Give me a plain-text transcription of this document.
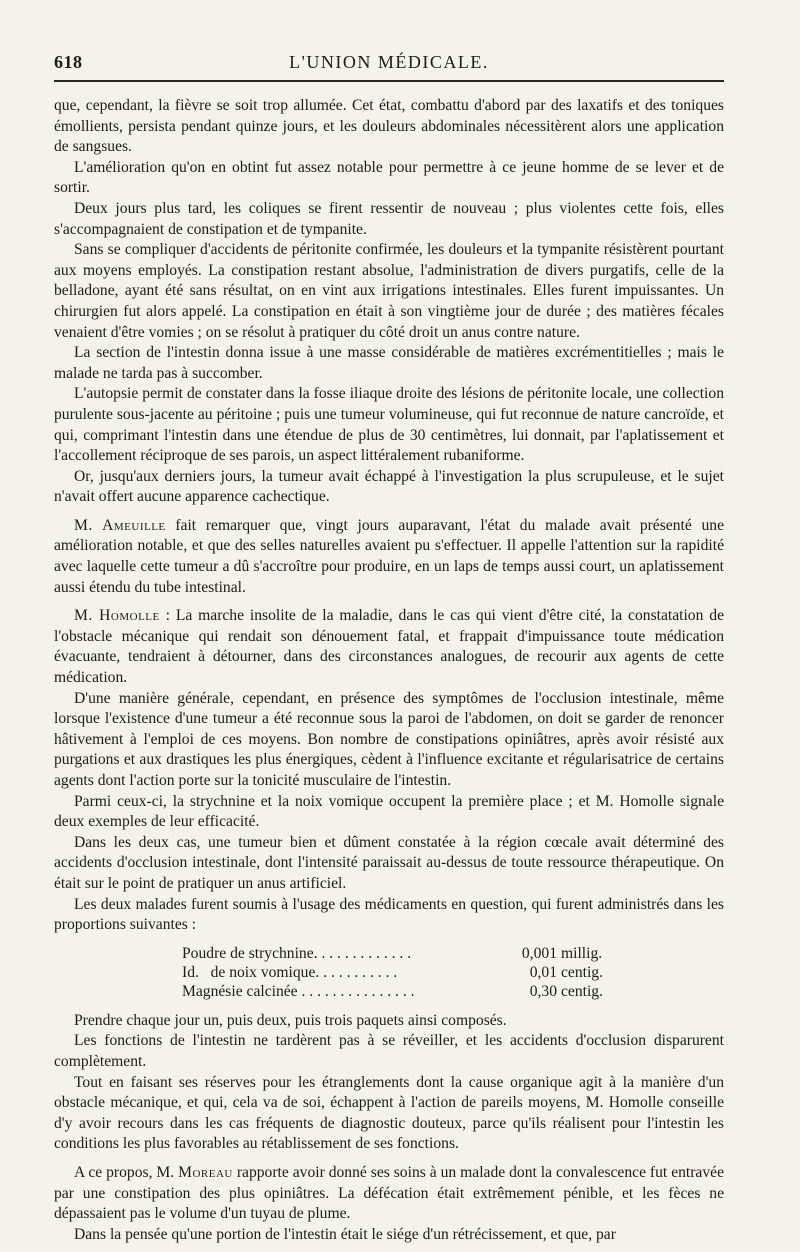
618	L'UNION MÉDICALE.

que, cependant, la fièvre se soit trop allumée. Cet état, combattu d'abord par des laxatifs et des toniques émollients, persista pendant quinze jours, et les douleurs abdominales nécessitèrent alors une application de sangsues.

L'amélioration qu'on en obtint fut assez notable pour permettre à ce jeune homme de se lever et de sortir.

Deux jours plus tard, les coliques se firent ressentir de nouveau ; plus violentes cette fois, elles s'accompagnaient de constipation et de tympanite.

Sans se compliquer d'accidents de péritonite confirmée, les douleurs et la tympanite résistèrent pourtant aux moyens employés. La constipation restant absolue, l'administration de divers purgatifs, celle de la belladone, ayant été sans résultat, on en vint aux irrigations intestinales. Elles furent impuissantes. Un chirurgien fut alors appelé. La constipation en était à son vingtième jour de durée ; des matières fécales venaient d'être vomies ; on se résolut à pratiquer du côté droit un anus contre nature.

La section de l'intestin donna issue à une masse considérable de matières excrémentitielles ; mais le malade ne tarda pas à succomber.

L'autopsie permit de constater dans la fosse iliaque droite des lésions de péritonite locale, une collection purulente sous-jacente au péritoine ; puis une tumeur volumineuse, qui fut reconnue de nature cancroïde, et qui, comprimant l'intestin dans une étendue de plus de 30 centimètres, lui donnait, par l'aplatissement et l'accollement réciproque de ses parois, un aspect littéralement rubaniforme.

Or, jusqu'aux derniers jours, la tumeur avait échappé à l'investigation la plus scrupuleuse, et le sujet n'avait offert aucune apparence cachectique.

M. Ameuille fait remarquer que, vingt jours auparavant, l'état du malade avait présenté une amélioration notable, et que des selles naturelles avaient pu s'effectuer. Il appelle l'attention sur la rapidité avec laquelle cette tumeur a dû s'accroître pour produire, en un laps de temps aussi court, un aplatissement aussi étendu du tube intestinal.

M. Homolle : La marche insolite de la maladie, dans le cas qui vient d'être cité, la constatation de l'obstacle mécanique qui rendait son dénouement fatal, et frappait d'impuissance toute médication évacuante, tendraient à détourner, dans des circonstances analogues, de recourir aux agents de cette médication.

D'une manière générale, cependant, en présence des symptômes de l'occlusion intestinale, même lorsque l'existence d'une tumeur a été reconnue sous la paroi de l'abdomen, on doit se garder de renoncer hâtivement à l'emploi de ces moyens. Bon nombre de constipations opiniâtres, après avoir résisté aux purgations et aux drastiques les plus énergiques, cèdent à l'influence excitante et régularisatrice de certains agents dont l'action porte sur la tonicité musculaire de l'intestin.

Parmi ceux-ci, la strychnine et la noix vomique occupent la première place ; et M. Homolle signale deux exemples de leur efficacité.

Dans les deux cas, une tumeur bien et dûment constatée à la région cœcale avait déterminé des accidents d'occlusion intestinale, dont l'intensité paraissait au-dessus de toute ressource thérapeutique. On était sur le point de pratiquer un anus artificiel.

Les deux malades furent soumis à l'usage des médicaments en question, qui furent administrés dans les proportions suivantes :

Poudre de strychnine. . . . . . . . . . . . .	0,001 millig.
Id.   de noix vomique. . . . . . . . . . .	0,01 centig.
Magnésie calcinée . . . . . . . . . . . . . . .	0,30 centig.

Prendre chaque jour un, puis deux, puis trois paquets ainsi composés.

Les fonctions de l'intestin ne tardèrent pas à se réveiller, et les accidents d'occlusion disparurent complètement.

Tout en faisant ses réserves pour les étranglements dont la cause organique agit à la manière d'un obstacle mécanique, et qui, cela va de soi, échappent à l'action de pareils moyens, M. Homolle conseille d'y avoir recours dans les cas fréquents de diagnostic douteux, parce qu'ils réalisent pour l'intestin les conditions les plus favorables au rétablissement de ses fonctions.

A ce propos, M. Moreau rapporte avoir donné ses soins à un malade dont la convalescence fut entravée par une constipation des plus opiniâtres. La défécation était extrêmement pénible, et les fèces ne dépassaient pas le volume d'un tuyau de plume.

Dans la pensée qu'une portion de l'intestin était le siége d'un rétrécissement, et que, par
